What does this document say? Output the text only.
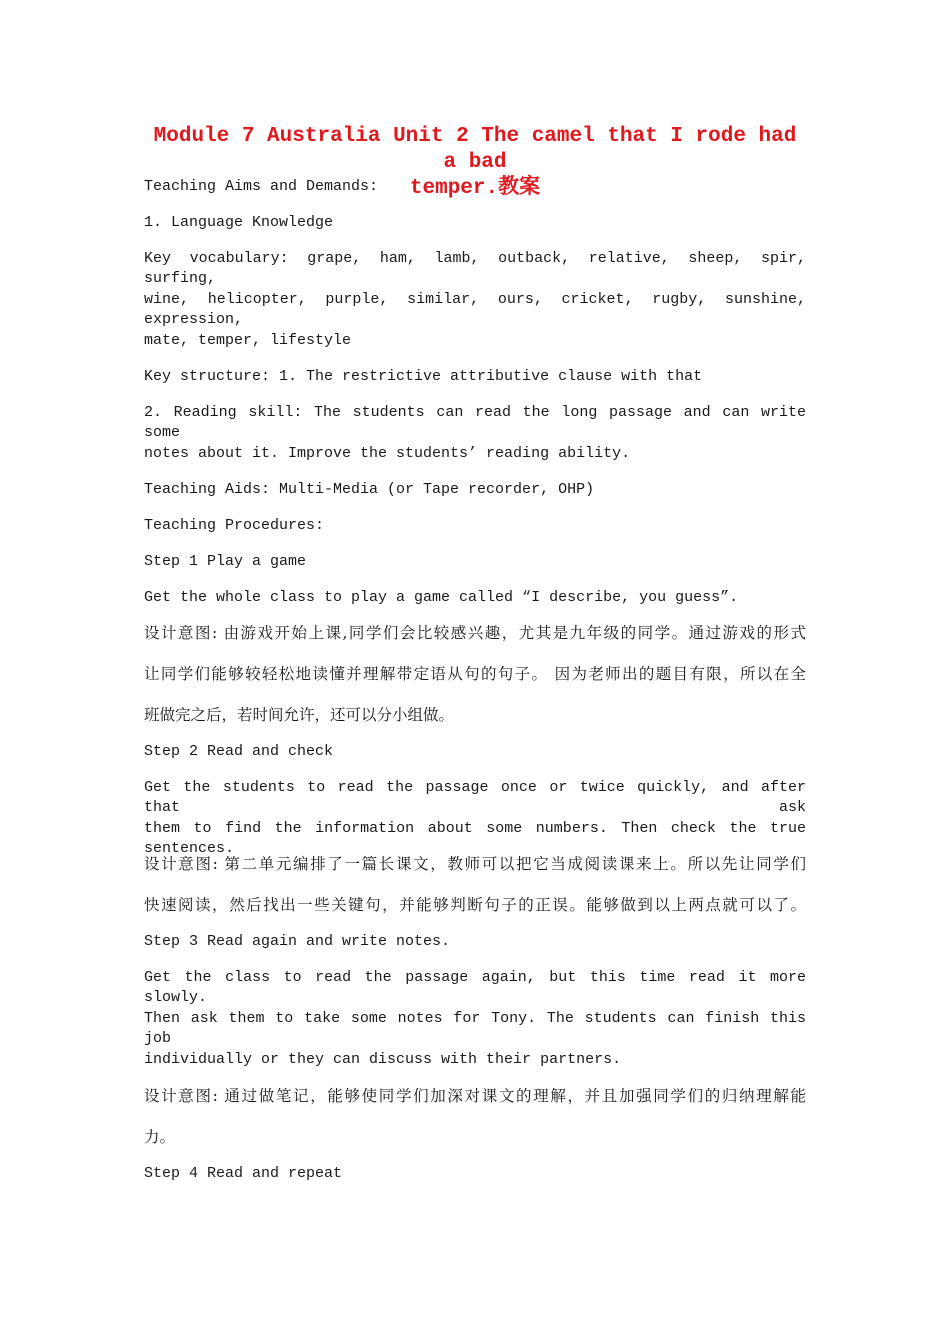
Module 7 Australia Unit 2 The camel that I rode had a bad
temper.教案

Teaching Aims and Demands:

1. Language Knowledge

Key vocabulary: grape, ham, lamb, outback, relative, sheep, spir, surfing,

wine, helicopter, purple, similar, ours, cricket, rugby, sunshine, expression,

mate, temper, lifestyle

Key structure: 1. The restrictive attributive clause with that

2. Reading skill: The students can read the long passage and can write some

notes about it. Improve the students’ reading ability.

Teaching Aids: Multi-Media (or Tape recorder, OHP)

Teaching Procedures:

Step 1 Play a game

Get the whole class to play a game called “I describe, you guess”.

设计意图: 由游戏开始上课,同学们会比较感兴趣，尤其是九年级的同学。通过游戏的形式

让同学们能够较轻松地读懂并理解带定语从句的句子。 因为老师出的题目有限，所以在全

班做完之后，若时间允许，还可以分小组做。

Step 2 Read and check

Get the students to read the passage once or twice quickly, and after that ask

them to find the information about some numbers. Then check the true sentences.

设计意图: 第二单元编排了一篇长课文，教师可以把它当成阅读课来上。所以先让同学们

快速阅读，然后找出一些关键句，并能够判断句子的正误。能够做到以上两点就可以了。

Step 3 Read again and write notes.

Get the class to read the passage again, but this time read it more slowly.

Then ask them to take some notes for Tony. The students can finish this job

individually or they can discuss with their partners.

设计意图: 通过做笔记，能够使同学们加深对课文的理解，并且加强同学们的归纳理解能

力。

Step 4 Read and repeat
